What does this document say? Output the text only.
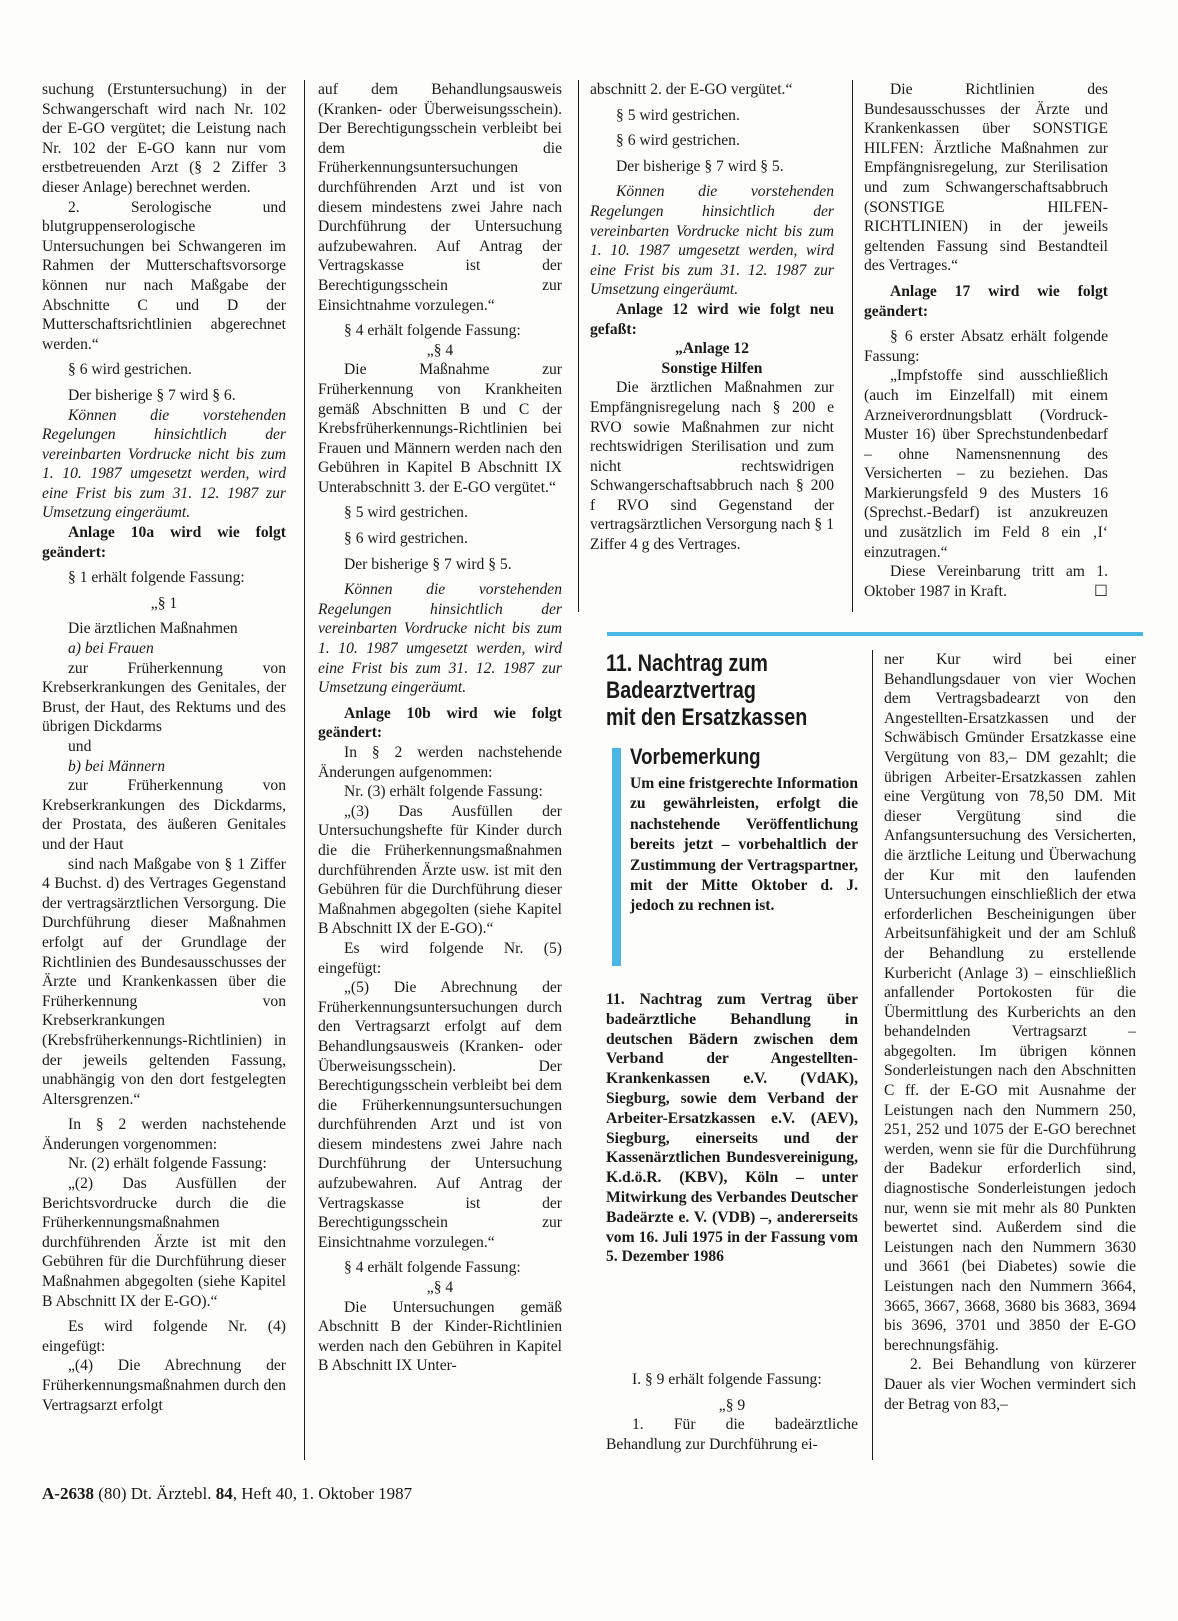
suchung (Erstuntersuchung) in der Schwangerschaft wird nach Nr. 102 der E-GO vergütet; die Leistung nach Nr. 102 der E-GO kann nur vom erstbetreuenden Arzt (§ 2 Ziffer 3 dieser Anlage) berechnet werden.

2. Serologische und blutgruppenserologische Untersuchungen bei Schwangeren im Rahmen der Mutterschaftsvorsorge können nur nach Maßgabe der Abschnitte C und D der Mutterschaftsrichtlinien abgerechnet werden.“

§ 6 wird gestrichen.

Der bisherige § 7 wird § 6.

Können die vorstehenden Regelungen hinsichtlich der vereinbarten Vordrucke nicht bis zum 1. 10. 1987 umgesetzt werden, wird eine Frist bis zum 31. 12. 1987 zur Umsetzung eingeräumt.

Anlage 10a wird wie folgt geändert:

§ 1 erhält folgende Fassung:

„§ 1

Die ärztlichen Maßnahmen

a) bei Frauen

zur Früherkennung von Krebserkrankungen des Genitales, der Brust, der Haut, des Rektums und des übrigen Dickdarms

und

b) bei Männern

zur Früherkennung von Krebserkrankungen des Dickdarms, der Prostata, des äußeren Genitales und der Haut

sind nach Maßgabe von § 1 Ziffer 4 Buchst. d) des Vertrages Gegenstand der vertragsärztlichen Versorgung. Die Durchführung dieser Maßnahmen erfolgt auf der Grundlage der Richtlinien des Bundesausschusses der Ärzte und Krankenkassen über die Früherkennung von Krebserkrankungen (Krebsfrüherkennungs-Richtlinien) in der jeweils geltenden Fassung, unabhängig von den dort festgelegten Altersgrenzen.“

In § 2 werden nachstehende Änderungen vorgenommen:

Nr. (2) erhält folgende Fassung:

„(2) Das Ausfüllen der Berichtsvordrucke durch die die Früherkennungsmaßnahmen durchführenden Ärzte ist mit den Gebühren für die Durchführung dieser Maßnahmen abgegolten (siehe Kapitel B Abschnitt IX der E-GO).“

Es wird folgende Nr. (4) eingefügt:

„(4) Die Abrechnung der Früherkennungsmaßnahmen durch den Vertragsarzt erfolgt

auf dem Behandlungsausweis (Kranken- oder Überweisungsschein). Der Berechtigungsschein verbleibt bei dem die Früherkennungsuntersuchungen durchführenden Arzt und ist von diesem mindestens zwei Jahre nach Durchführung der Untersuchung aufzubewahren. Auf Antrag der Vertragskasse ist der Berechtigungsschein zur Einsichtnahme vorzulegen.“

§ 4 erhält folgende Fassung:

„§ 4

Die Maßnahme zur Früherkennung von Krankheiten gemäß Abschnitten B und C der Krebsfrüherkennungs-Richtlinien bei Frauen und Männern werden nach den Gebühren in Kapitel B Abschnitt IX Unterabschnitt 3. der E-GO vergütet.“

§ 5 wird gestrichen.

§ 6 wird gestrichen.

Der bisherige § 7 wird § 5.

Können die vorstehenden Regelungen hinsichtlich der vereinbarten Vordrucke nicht bis zum 1. 10. 1987 umgesetzt werden, wird eine Frist bis zum 31. 12. 1987 zur Umsetzung eingeräumt.

Anlage 10b wird wie folgt geändert:

In § 2 werden nachstehende Änderungen aufgenommen:

Nr. (3) erhält folgende Fassung:

„(3) Das Ausfüllen der Untersuchungshefte für Kinder durch die die Früherkennungsmaßnahmen durchführenden Ärzte usw. ist mit den Gebühren für die Durchführung dieser Maßnahmen abgegolten (siehe Kapitel B Abschnitt IX der E-GO).“

Es wird folgende Nr. (5) eingefügt:

„(5) Die Abrechnung der Früherkennungsuntersuchungen durch den Vertragsarzt erfolgt auf dem Behandlungsausweis (Kranken- oder Überweisungsschein). Der Berechtigungsschein verbleibt bei dem die Früherkennungsuntersuchungen durchführenden Arzt und ist von diesem mindestens zwei Jahre nach Durchführung der Untersuchung aufzubewahren. Auf Antrag der Vertragskasse ist der Berechtigungsschein zur Einsichtnahme vorzulegen.“

§ 4 erhält folgende Fassung:

„§ 4

Die Untersuchungen gemäß Abschnitt B der Kinder-Richtlinien werden nach den Gebühren in Kapitel B Abschnitt IX Unter-

abschnitt 2. der E-GO vergütet.“

§ 5 wird gestrichen.

§ 6 wird gestrichen.

Der bisherige § 7 wird § 5.

Können die vorstehenden Regelungen hinsichtlich der vereinbarten Vordrucke nicht bis zum 1. 10. 1987 umgesetzt werden, wird eine Frist bis zum 31. 12. 1987 zur Umsetzung eingeräumt.

Anlage 12 wird wie folgt neu gefaßt:

„Anlage 12

Sonstige Hilfen

Die ärztlichen Maßnahmen zur Empfängnisregelung nach § 200 e RVO sowie Maßnahmen zur nicht rechtswidrigen Sterilisation und zum nicht rechtswidrigen Schwangerschaftsabbruch nach § 200 f RVO sind Gegenstand der vertragsärztlichen Versorgung nach § 1 Ziffer 4 g des Vertrages.

Die Richtlinien des Bundesausschusses der Ärzte und Krankenkassen über SONSTIGE HILFEN: Ärztliche Maßnahmen zur Empfängnisregelung, zur Sterilisation und zum Schwangerschaftsabbruch (SONSTIGE HILFEN-RICHTLINIEN) in der jeweils geltenden Fassung sind Bestandteil des Vertrages.“

Anlage 17 wird wie folgt geändert:

§ 6 erster Absatz erhält folgende Fassung:

„Impfstoffe sind ausschließlich (auch im Einzelfall) mit einem Arzneiverordnungsblatt (Vordruck-Muster 16) über Sprechstundenbedarf – ohne Namensnennung des Versicherten – zu beziehen. Das Markierungsfeld 9 des Musters 16 (Sprechst.-Bedarf) ist anzukreuzen und zusätzlich im Feld 8 ein ‚I‘ einzutragen.“

Diese Vereinbarung tritt am 1. Oktober 1987 in Kraft.	☐

11. Nachtrag zum
Badearztvertrag
mit den Ersatzkassen
Vorbemerkung
Um eine fristgerechte Information zu gewährleisten, erfolgt die nachstehende Veröffentlichung bereits jetzt – vorbehaltlich der Zustimmung der Vertragspartner, mit der Mitte Oktober d. J. jedoch zu rechnen ist.
11. Nachtrag zum Vertrag über badeärztliche Behandlung in deutschen Bädern zwischen dem Verband der Angestellten-Krankenkassen e.V. (VdAK), Siegburg, sowie dem Verband der Arbeiter-Ersatzkassen e.V. (AEV), Siegburg, einerseits und der Kassenärztlichen Bundesvereinigung, K.d.ö.R. (KBV), Köln – unter Mitwirkung des Verbandes Deutscher Badeärzte e. V. (VDB) –, andererseits vom 16. Juli 1975 in der Fassung vom 5. Dezember 1986

I. § 9 erhält folgende Fassung:

„§ 9

1. Für die badeärztliche Behandlung zur Durchführung ei-

ner Kur wird bei einer Behandlungsdauer von vier Wochen dem Vertragsbadearzt von den Angestellten-Ersatzkassen und der Schwäbisch Gmünder Ersatzkasse eine Vergütung von 83,– DM gezahlt; die übrigen Arbeiter-Ersatzkassen zahlen eine Vergütung von 78,50 DM. Mit dieser Vergütung sind die Anfangsuntersuchung des Versicherten, die ärztliche Leitung und Überwachung der Kur mit den laufenden Untersuchungen einschließlich der etwa erforderlichen Bescheinigungen über Arbeitsunfähigkeit und der am Schluß der Behandlung zu erstellende Kurbericht (Anlage 3) – einschließlich anfallender Portokosten für die Übermittlung des Kurberichts an den behandelnden Vertragsarzt – abgegolten. Im übrigen können Sonderleistungen nach den Abschnitten C ff. der E-GO mit Ausnahme der Leistungen nach den Nummern 250, 251, 252 und 1075 der E-GO berechnet werden, wenn sie für die Durchführung der Badekur erforderlich sind, diagnostische Sonderleistungen jedoch nur, wenn sie mit mehr als 80 Punkten bewertet sind. Außerdem sind die Leistungen nach den Nummern 3630 und 3661 (bei Diabetes) sowie die Leistungen nach den Nummern 3664, 3665, 3667, 3668, 3680 bis 3683, 3694 bis 3696, 3701 und 3850 der E-GO berechnungsfähig.

2. Bei Behandlung von kürzerer Dauer als vier Wochen vermindert sich der Betrag von 83,–

A-2638 (80) Dt. Ärztebl. 84, Heft 40, 1. Oktober 1987
